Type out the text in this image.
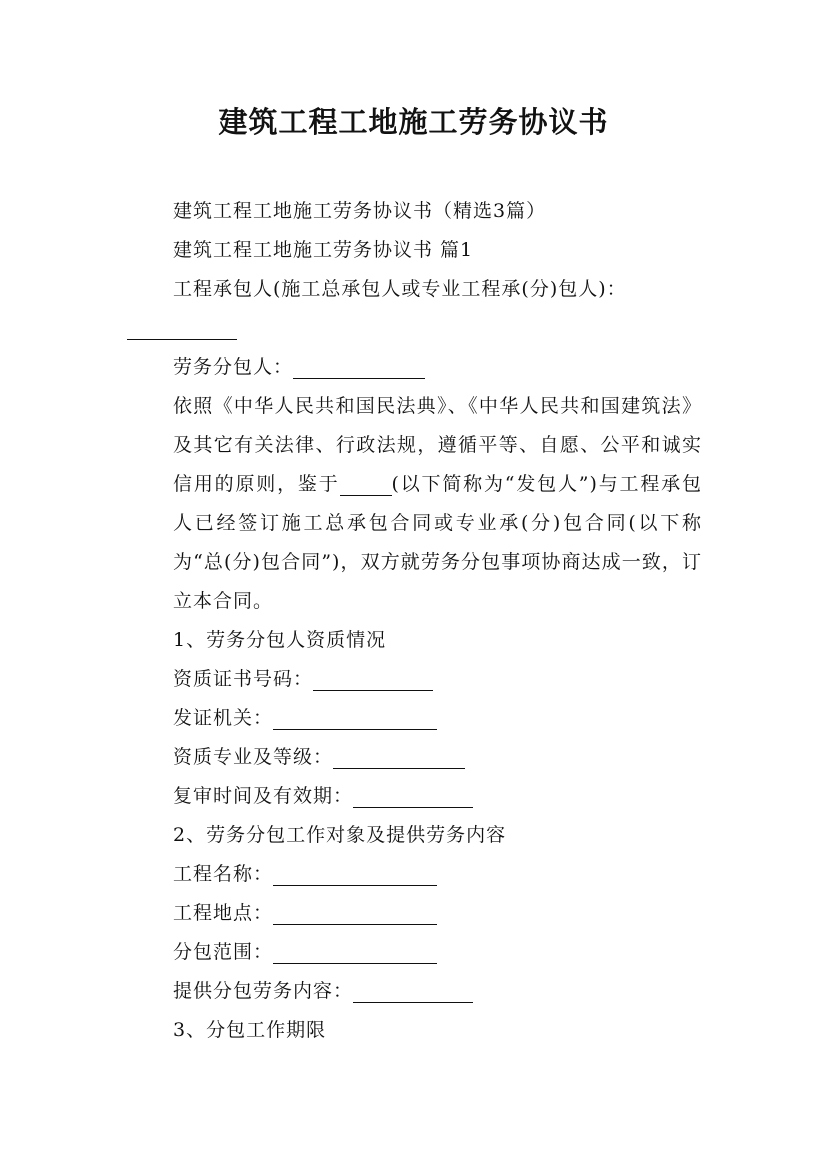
建筑工程工地施工劳务协议书

建筑工程工地施工劳务协议书（精选3篇）

建筑工程工地施工劳务协议书 篇1

工程承包人(施工总承包人或专业工程承(分)包人)：

劳务分包人：

依照《中华人民共和国民法典》、《中华人民共和国建筑法》及其它有关法律、行政法规，遵循平等、自愿、公平和诚实信用的原则，鉴于	(以下简称为“发包人”)与工程承包人已经签订施工总承包合同或专业承(分)包合同(以下称为“总(分)包合同”)，双方就劳务分包事项协商达成一致，订立本合同。

1、劳务分包人资质情况

资质证书号码：

发证机关：

资质专业及等级：

复审时间及有效期：

2、劳务分包工作对象及提供劳务内容

工程名称：

工程地点：

分包范围：

提供分包劳务内容：

3、分包工作期限
